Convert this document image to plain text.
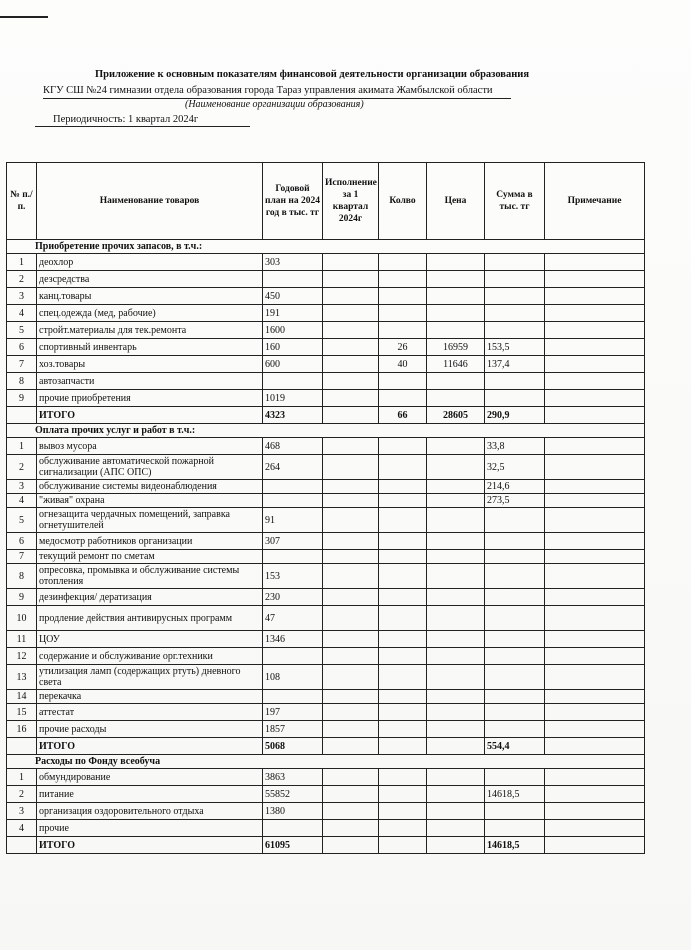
Приложение к основным показателям финансовой деятельности организации образования
КГУ СШ №24 гимназии отдела образования города Тараз управления акимата Жамбылской области
(Наименование организации образования)
Периодичность: 1 квартал 2024г
№ п./п.	Наименование товаров	Годовой план на 2024 год в тыс. тг	Исполнение за 1 квартал 2024г	Колво	Цена	Сумма в тыс. тг	Примечание
Приобретение прочих запасов, в т.ч.:							
1	деохлор	303					
2	дезсредства						
3	канц.товары	450					
4	спец.одежда (мед, рабочие)	191					
5	стройт.материалы для тек.ремонта	1600					
6	спортивный инвентарь	160		26	16959	153,5	
7	хоз.товары	600		40	11646	137,4	
8	автозапчасти						
9	прочие приобретения	1019					
	ИТОГО	4323		66	28605	290,9	
Оплата прочих услуг и работ в т.ч.:							
1	вывоз мусора	468				33,8	
2	обслуживание автоматической пожарной сигнализации (АПС ОПС)	264				32,5	
3	обслуживание системы видеонаблюдения					214,6	
4	"живая" охрана					273,5	
5	огнезащита чердачных помещений, заправка огнетушителей	91					
6	медосмотр работников организации	307					
7	текущий ремонт по сметам						
8	опресовка, промывка и обслуживание системы отопления	153					
9	дезинфекция/ дератизация	230					
10	продление действия антивирусных программ	47					
11	ЦОУ	1346					
12	содержание и обслуживание орг.техники						
13	утилизация ламп (содержащих ртуть) дневного света	108					
14	перекачка						
15	аттестат	197					
16	прочие расходы	1857					
	ИТОГО	5068				554,4	
Расходы по Фонду всеобуча							
1	обмундирование	3863					
2	питание	55852				14618,5	
3	организация оздоровительного отдыха	1380					
4	прочие						
	ИТОГО	61095				14618,5	
